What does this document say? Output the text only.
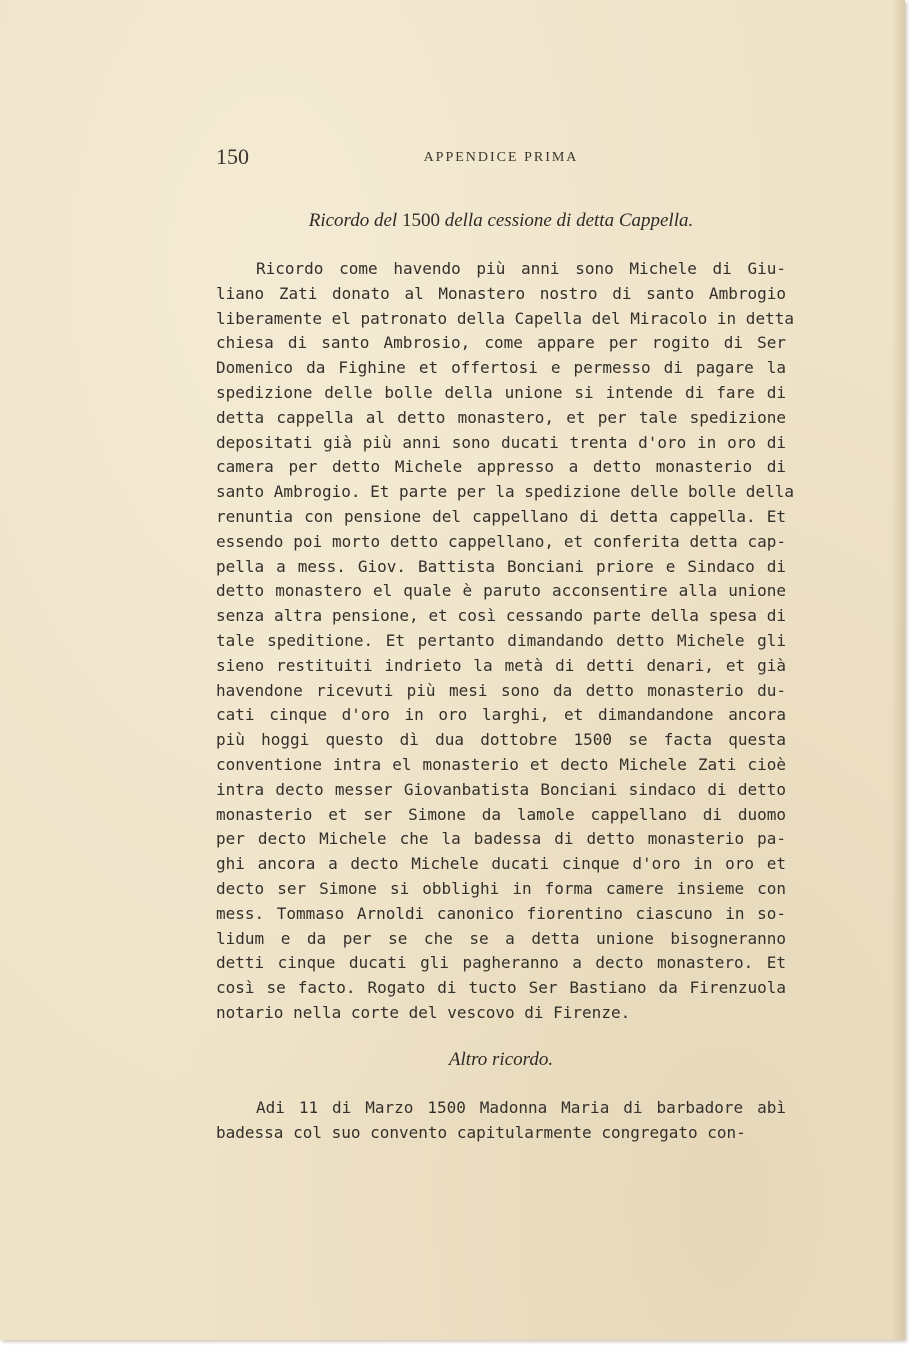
150	APPENDICE PRIMA
Ricordo del 1500 della cessione di detta Cappella.
Ricordo come havendo più anni sono Michele di Giu-
liano Zati donato al Monastero nostro di santo Ambrogio
liberamente el patronato della Capella del Miracolo in detta
chiesa di santo Ambrosio, come appare per rogito di Ser
Domenico da Fighine et offertosi e permesso di pagare la
spedizione delle bolle della unione si intende di fare di
detta cappella al detto monastero, et per tale spedizione
depositati già più anni sono ducati trenta d'oro in oro di
camera per detto Michele appresso a detto monasterio di
santo Ambrogio. Et parte per la spedizione delle bolle della
renuntia con pensione del cappellano di detta cappella. Et
essendo poi morto detto cappellano, et conferita detta cap-
pella a mess. Giov. Battista Bonciani priore e Sindaco di
detto monastero el quale è paruto acconsentire alla unione
senza altra pensione, et così cessando parte della spesa di
tale speditione. Et pertanto dimandando detto Michele gli
sieno restituiti indrieto la metà di detti denari, et già
havendone ricevuti più mesi sono da detto monasterio du-
cati cinque d'oro in oro larghi, et dimandandone ancora
più hoggi questo dì dua dottobre 1500 se facta questa
conventione intra el monasterio et decto Michele Zati cioè
intra decto messer Giovanbatista Bonciani sindaco di detto
monasterio et ser Simone da lamole cappellano di duomo
per decto Michele che la badessa di detto monasterio pa-
ghi ancora a decto Michele ducati cinque d'oro in oro et
decto ser Simone si obblighi in forma camere insieme con
mess. Tommaso Arnoldi canonico fiorentino ciascuno in so-
lidum e da per se che se a detta unione bisogneranno
detti cinque ducati gli pagheranno a decto monastero. Et
così se facto. Rogato di tucto Ser Bastiano da Firenzuola
notario nella corte del vescovo di Firenze.
Altro ricordo.
Adi 11 di Marzo 1500 Madonna Maria di barbadore abì
badessa col suo convento capitularmente congregato con-
